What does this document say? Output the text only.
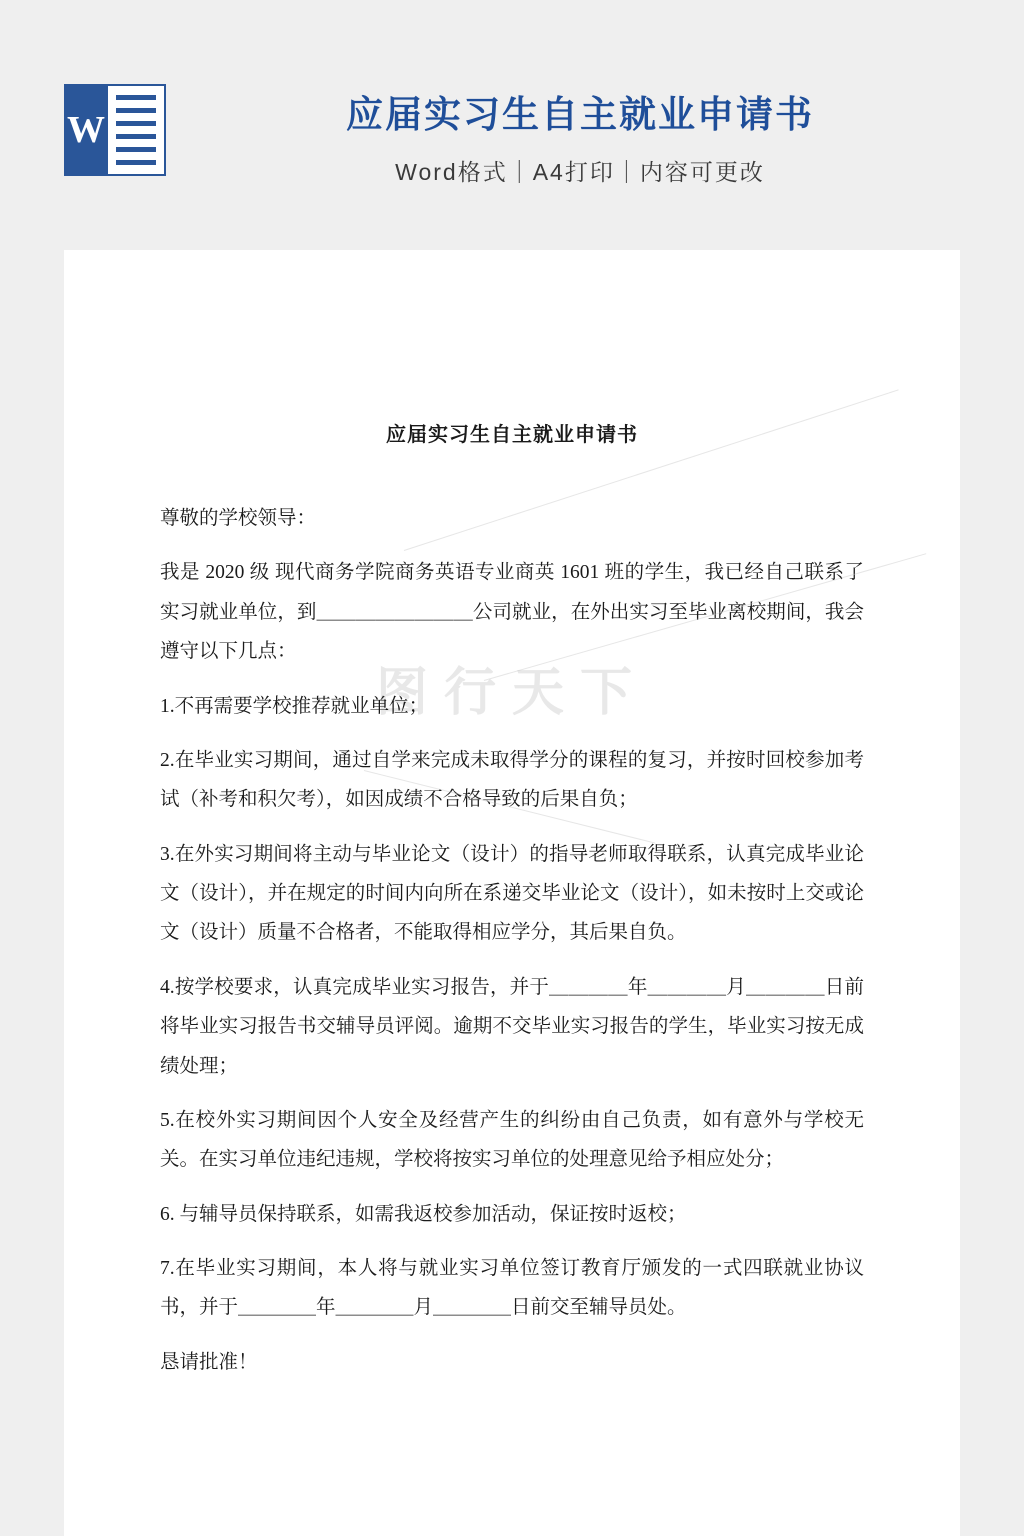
W	应届实习生自主就业申请书
Word格式｜A4打印｜内容可更改
图行天下
应届实习生自主就业申请书

尊敬的学校领导：

我是 2020 级 现代商务学院商务英语专业商英 1601 班的学生，我已经自己联系了实习就业单位，到＿＿＿＿＿＿＿＿公司就业，在外出实习至毕业离校期间，我会遵守以下几点：

1.不再需要学校推荐就业单位；

2.在毕业实习期间，通过自学来完成未取得学分的课程的复习，并按时回校参加考试（补考和积欠考），如因成绩不合格导致的后果自负；

3.在外实习期间将主动与毕业论文（设计）的指导老师取得联系，认真完成毕业论文（设计），并在规定的时间内向所在系递交毕业论文（设计），如未按时上交或论文（设计）质量不合格者，不能取得相应学分，其后果自负。

4.按学校要求，认真完成毕业实习报告，并于＿＿＿＿年＿＿＿＿月＿＿＿＿日前将毕业实习报告书交辅导员评阅。逾期不交毕业实习报告的学生，毕业实习按无成绩处理；

5.在校外实习期间因个人安全及经营产生的纠纷由自己负责，如有意外与学校无关。在实习单位违纪违规，学校将按实习单位的处理意见给予相应处分；

6. 与辅导员保持联系，如需我返校参加活动，保证按时返校；

7.在毕业实习期间，本人将与就业实习单位签订教育厅颁发的一式四联就业协议书，并于＿＿＿＿年＿＿＿＿月＿＿＿＿日前交至辅导员处。

恳请批准！
